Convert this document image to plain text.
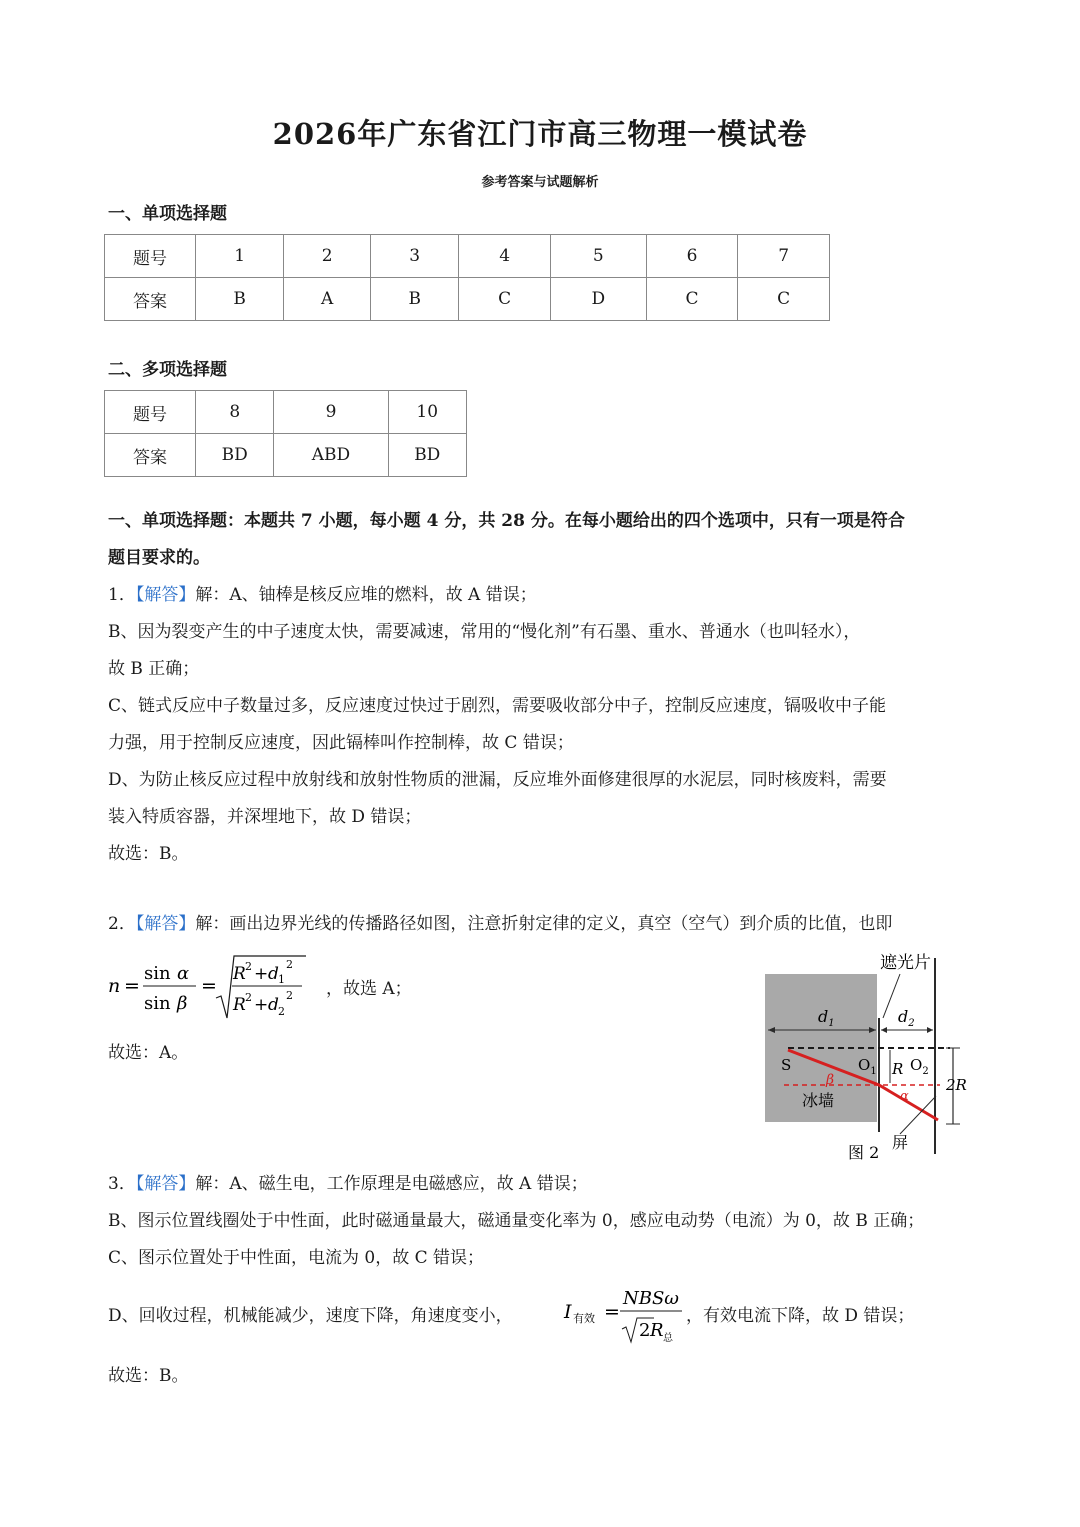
2026年广东省江门市高三物理一模试卷
参考答案与试题解析
一、单项选择题
题号	1	2	3	4	5	6	7
答案	B	A	B	C	D	C	C
二、多项选择题
题号	8	9	10
答案	BD	ABD	BD
一、单项选择题：本题共 7 小题，每小题 4 分，共 28 分。在每小题给出的四个选项中，只有一项是符合
题目要求的。
1．【解答】解：A、铀棒是核反应堆的燃料，故 A 错误；
B、因为裂变产生的中子速度太快，需要减速，常用的“慢化剂”有石墨、重水、普通水（也叫轻水），
故 B 正确；
C、链式反应中子数量过多，反应速度过快过于剧烈，需要吸收部分中子，控制反应速度，镉吸收中子能
力强，用于控制反应速度，因此镉棒叫作控制棒，故 C 错误；
D、为防止核反应过程中放射线和放射性物质的泄漏，反应堆外面修建很厚的水泥层，同时核废料，需要
装入特质容器，并深埋地下，故 D 错误；
故选：B。
2．【解答】解：画出边界光线的传播路径如图，注意折射定律的定义，真空（空气）到介质的比值，也即
n =
sin α
sin β
=
R 2 + d 1
2
R 2 + d 2
2 ，故选 A；
故选：A。
遮光片
$d_1$	$d_2$
S	$O_1$ $O_2$
R
2R
β
α
冰墙
屏
图 2
3．【解答】解：A、磁生电，工作原理是电磁感应，故 A 错误；
B、图示位置线圈处于中性面，此时磁通量最大，磁通量变化率为 0，感应电动势（电流）为 0，故 B 正确；
C、图示位置处于中性面，电流为 0，故 C 错误；
D、回收过程，机械能减少，速度下降，角速度变小，	I 有效 =
NBSω
2 R 总
，有效电流下降，故 D 错误；
故选：B。
